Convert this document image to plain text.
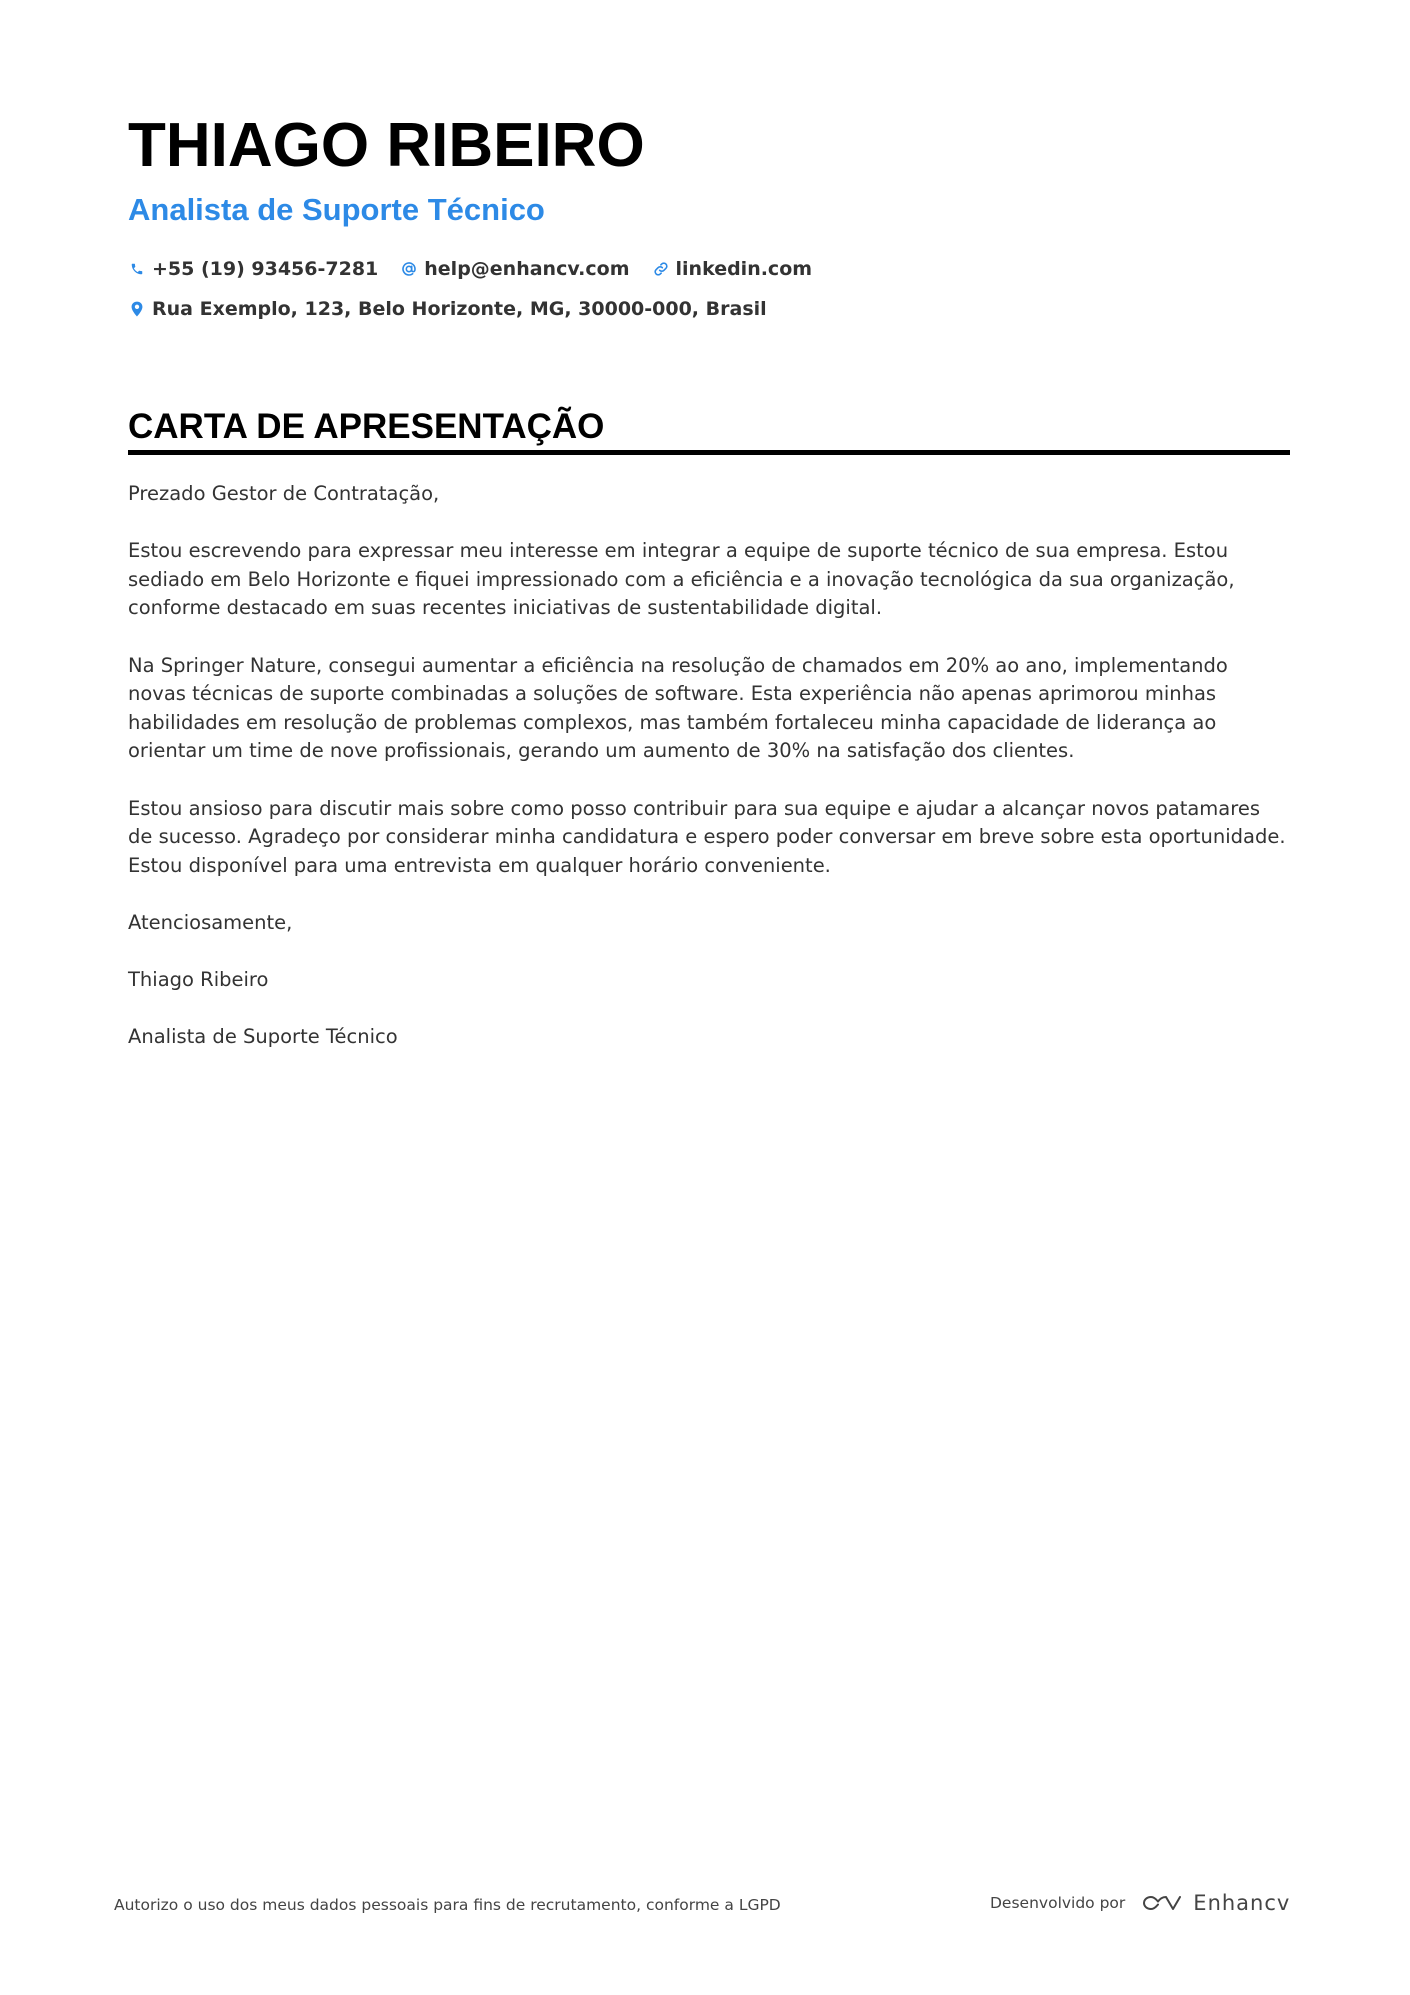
THIAGO RIBEIRO
Analista de Suporte Técnico
+55 (19) 93456-7281 help@enhancv.com linkedin.com
Rua Exemplo, 123, Belo Horizonte, MG, 30000-000, Brasil
CARTA DE APRESENTAÇÃO

Prezado Gestor de Contratação,

Estou escrevendo para expressar meu interesse em integrar a equipe de suporte técnico de sua empresa. Estou sediado em Belo Horizonte e fiquei impressionado com a eficiência e a inovação tecnológica da sua organização, conforme destacado em suas recentes iniciativas de sustentabilidade digital.

Na Springer Nature, consegui aumentar a eficiência na resolução de chamados em 20% ao ano, implementando novas técnicas de suporte combinadas a soluções de software. Esta experiência não apenas aprimorou minhas habilidades em resolução de problemas complexos, mas também fortaleceu minha capacidade de liderança ao orientar um time de nove profissionais, gerando um aumento de 30% na satisfação dos clientes.

Estou ansioso para discutir mais sobre como posso contribuir para sua equipe e ajudar a alcançar novos patamares de sucesso. Agradeço por considerar minha candidatura e espero poder conversar em breve sobre esta oportunidade. Estou disponível para uma entrevista em qualquer horário conveniente.

Atenciosamente,

Thiago Ribeiro

Analista de Suporte Técnico

Autorizo o uso dos meus dados pessoais para fins de recrutamento, conforme a LGPD	Desenvolvido por	Enhancv
